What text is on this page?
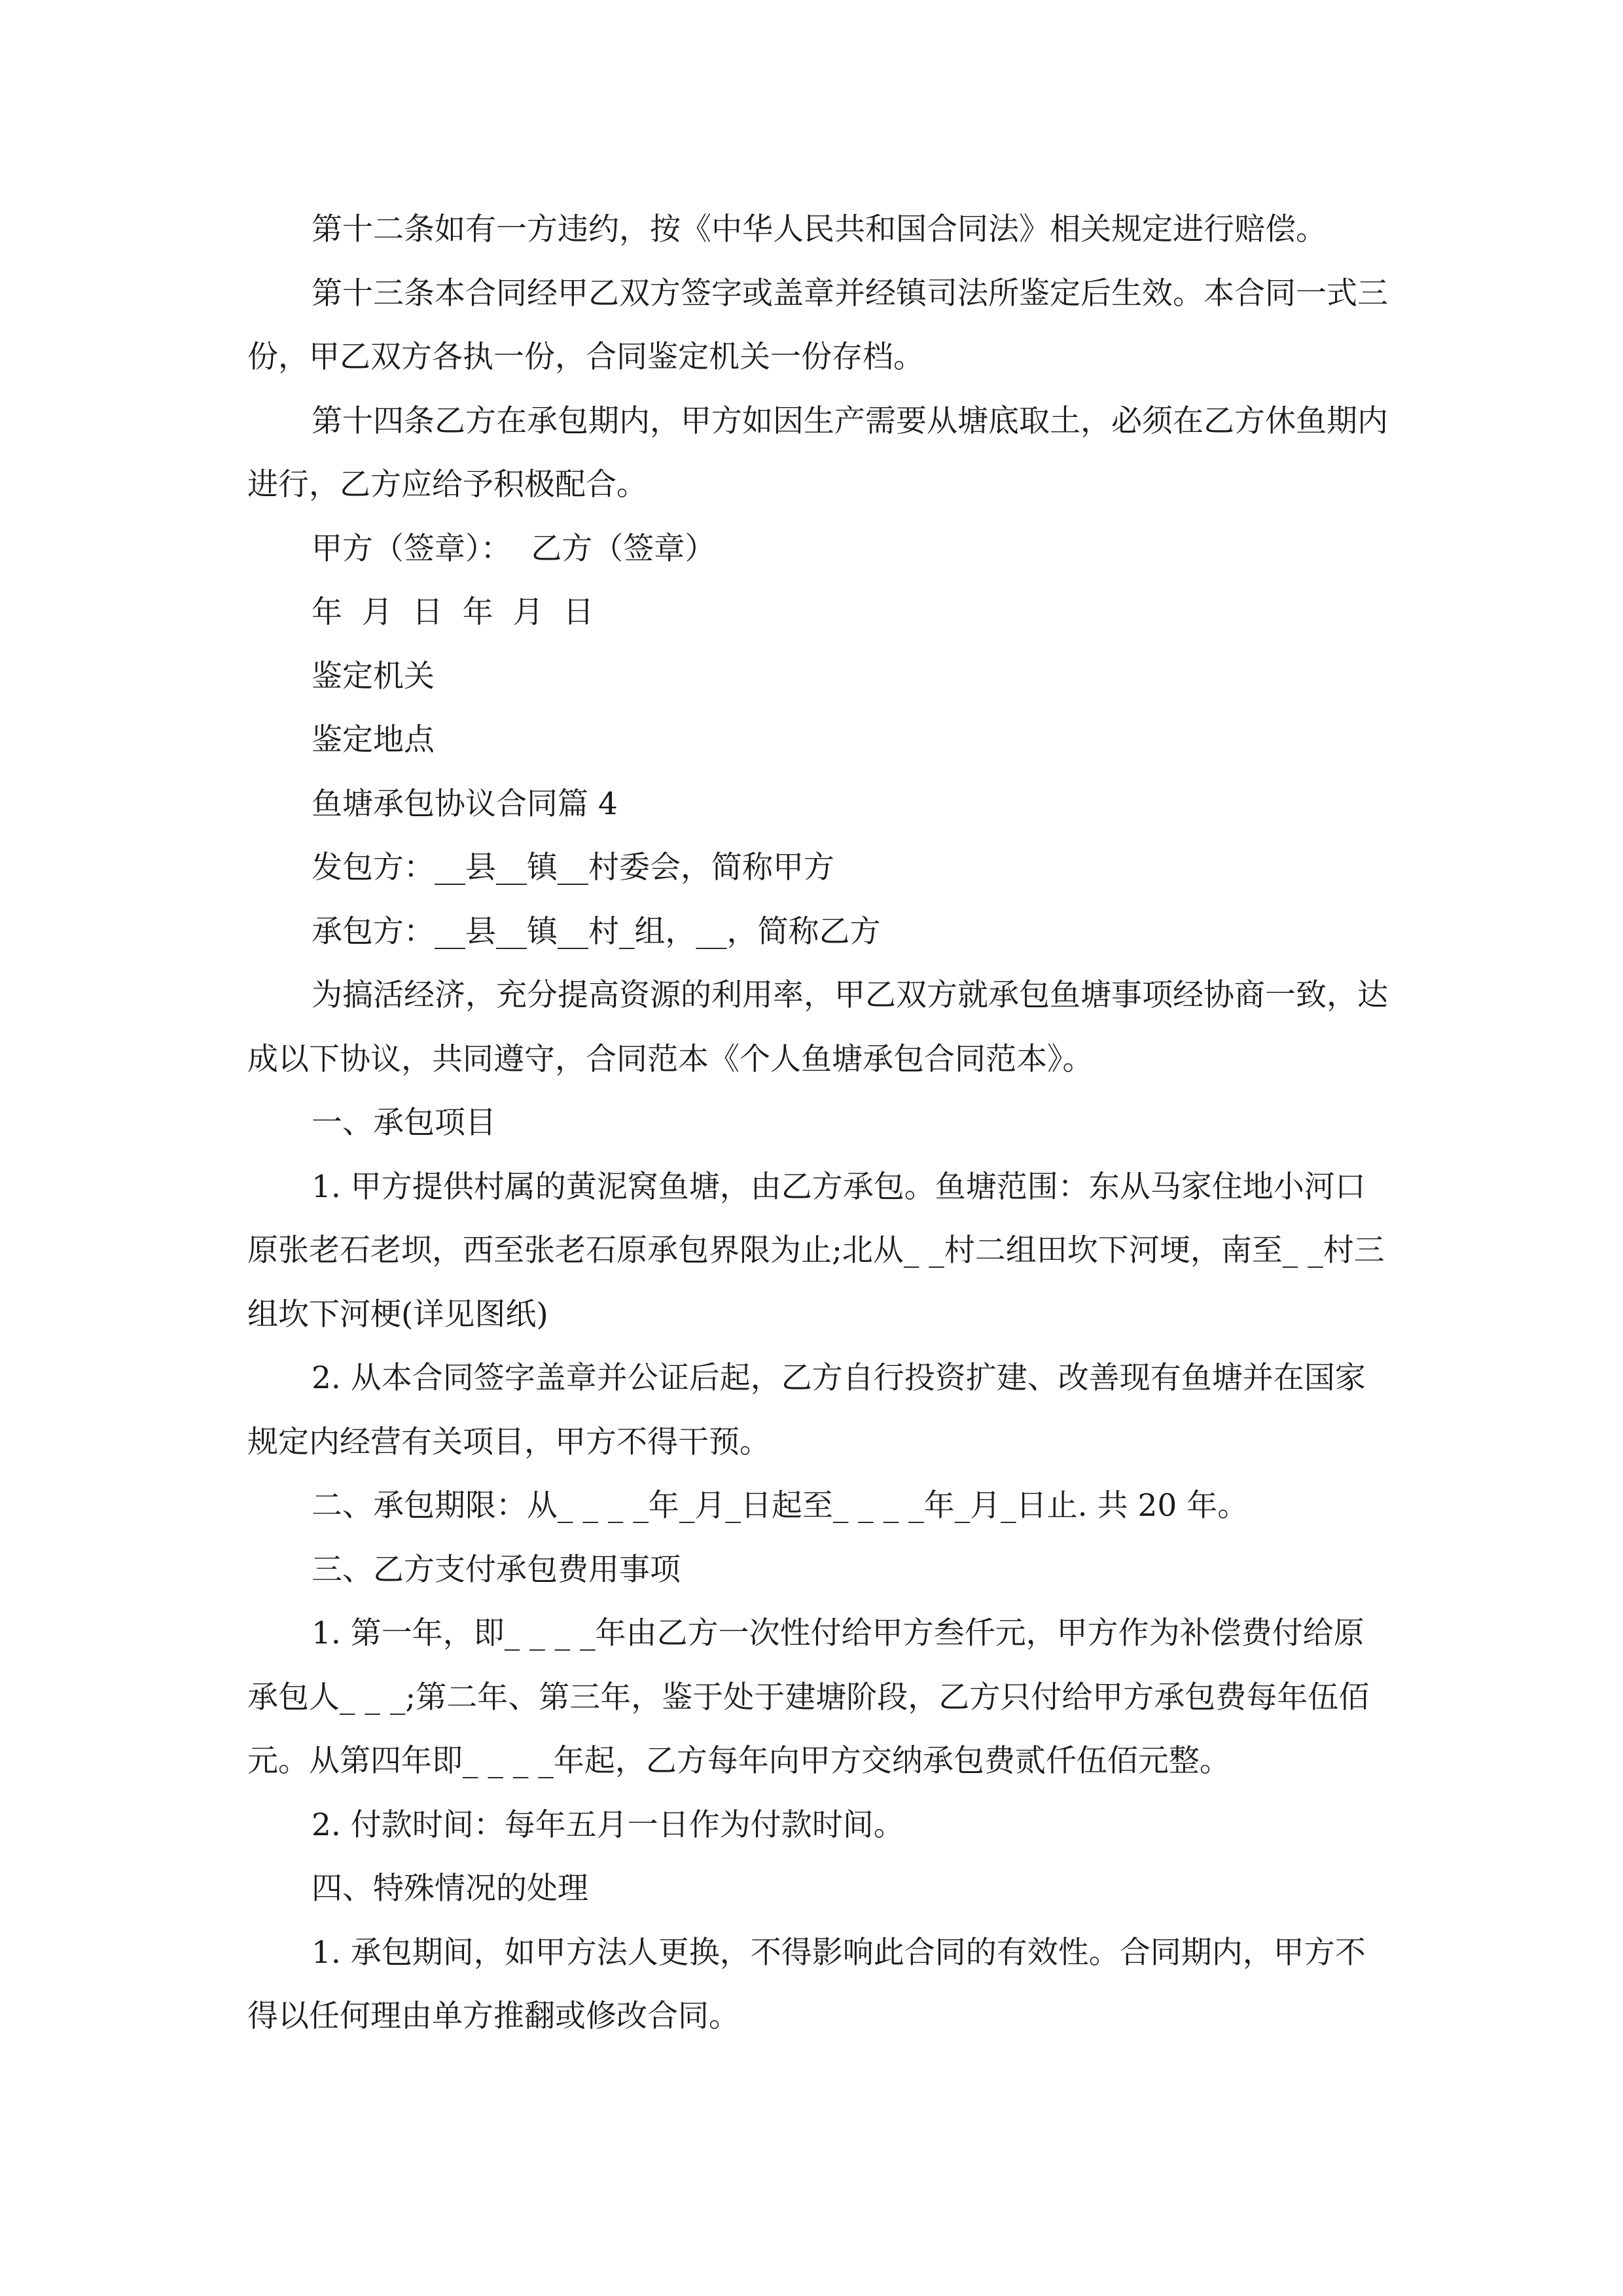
第十二条如有一方违约，按《中华人民共和国合同法》相关规定进行赔偿。

第十三条本合同经甲乙双方签字或盖章并经镇司法所鉴定后生效。本合同一式三份，甲乙双方各执一份，合同鉴定机关一份存档。

第十四条乙方在承包期内，甲方如因生产需要从塘底取土，必须在乙方休鱼期内进行，乙方应给予积极配合。

甲方（签章）：  乙方（签章）

年  月  日  年  月  日

鉴定机关

鉴定地点

鱼塘承包协议合同篇 4

发包方：__县__镇__村委会，简称甲方

承包方：__县__镇__村_组，__，简称乙方

为搞活经济，充分提高资源的利用率，甲乙双方就承包鱼塘事项经协商一致，达成以下协议，共同遵守，合同范本《个人鱼塘承包合同范本》。

一、承包项目

1. 甲方提供村属的黄泥窝鱼塘，由乙方承包。鱼塘范围：东从马家住地小河口原张老石老坝，西至张老石原承包界限为止;北从_ _村二组田坎下河埂，南至_ _村三组坎下河梗(详见图纸)

2. 从本合同签字盖章并公证后起，乙方自行投资扩建、改善现有鱼塘并在国家规定内经营有关项目，甲方不得干预。

二、承包期限：从_ _ _ _年_月_日起至_ _ _ _年_月_日止. 共 20 年。

三、乙方支付承包费用事项

1. 第一年，即_ _ _ _年由乙方一次性付给甲方叁仟元，甲方作为补偿费付给原承包人_ _ _;第二年、第三年，鉴于处于建塘阶段，乙方只付给甲方承包费每年伍佰元。从第四年即_ _ _ _年起，乙方每年向甲方交纳承包费贰仟伍佰元整。

2. 付款时间：每年五月一日作为付款时间。

四、特殊情况的处理

1. 承包期间，如甲方法人更换，不得影响此合同的有效性。合同期内，甲方不得以任何理由单方推翻或修改合同。
